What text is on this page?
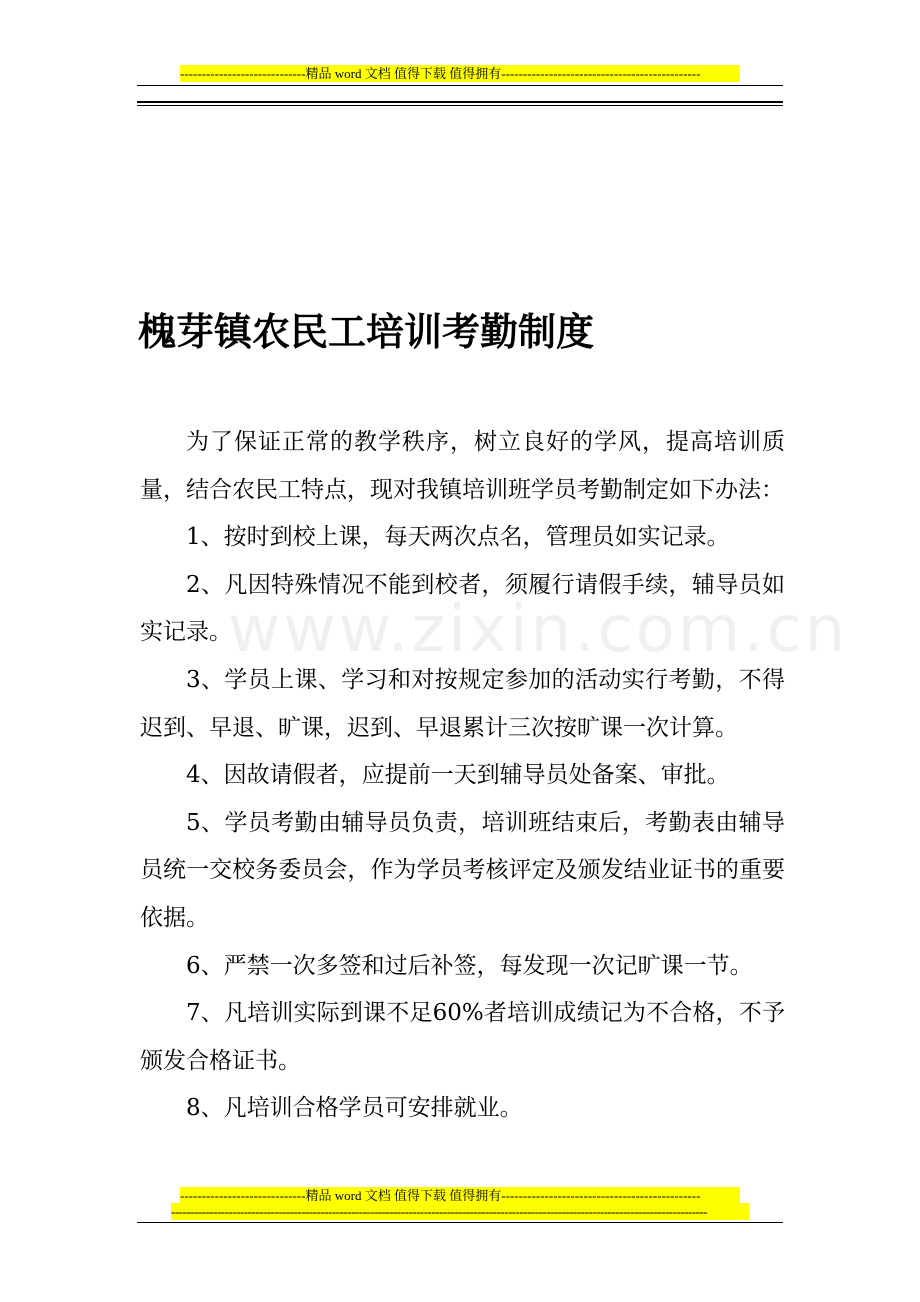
-----------------------------精品 word 文档 值得下载 值得拥有----------------------------------------------
槐芽镇农民工培训考勤制度
www.zixin.com.cn

为了保证正常的教学秩序，树立良好的学风，提高培训质量，结合农民工特点，现对我镇培训班学员考勤制定如下办法：

1、按时到校上课，每天两次点名，管理员如实记录。

2、凡因特殊情况不能到校者，须履行请假手续，辅导员如实记录。

3、学员上课、学习和对按规定参加的活动实行考勤，不得迟到、早退、旷课，迟到、早退累计三次按旷课一次计算。

4、因故请假者，应提前一天到辅导员处备案、审批。

5、学员考勤由辅导员负责，培训班结束后，考勤表由辅导员统一交校务委员会，作为学员考核评定及颁发结业证书的重要依据。

6、严禁一次多签和过后补签，每发现一次记旷课一节。

7、凡培训实际到课不足60%者培训成绩记为不合格，不予颁发合格证书。

8、凡培训合格学员可安排就业。

-----------------------------精品 word 文档 值得下载 值得拥有----------------------------------------------
--------------------------------------------------------------------------------------------------------------------------------------------
